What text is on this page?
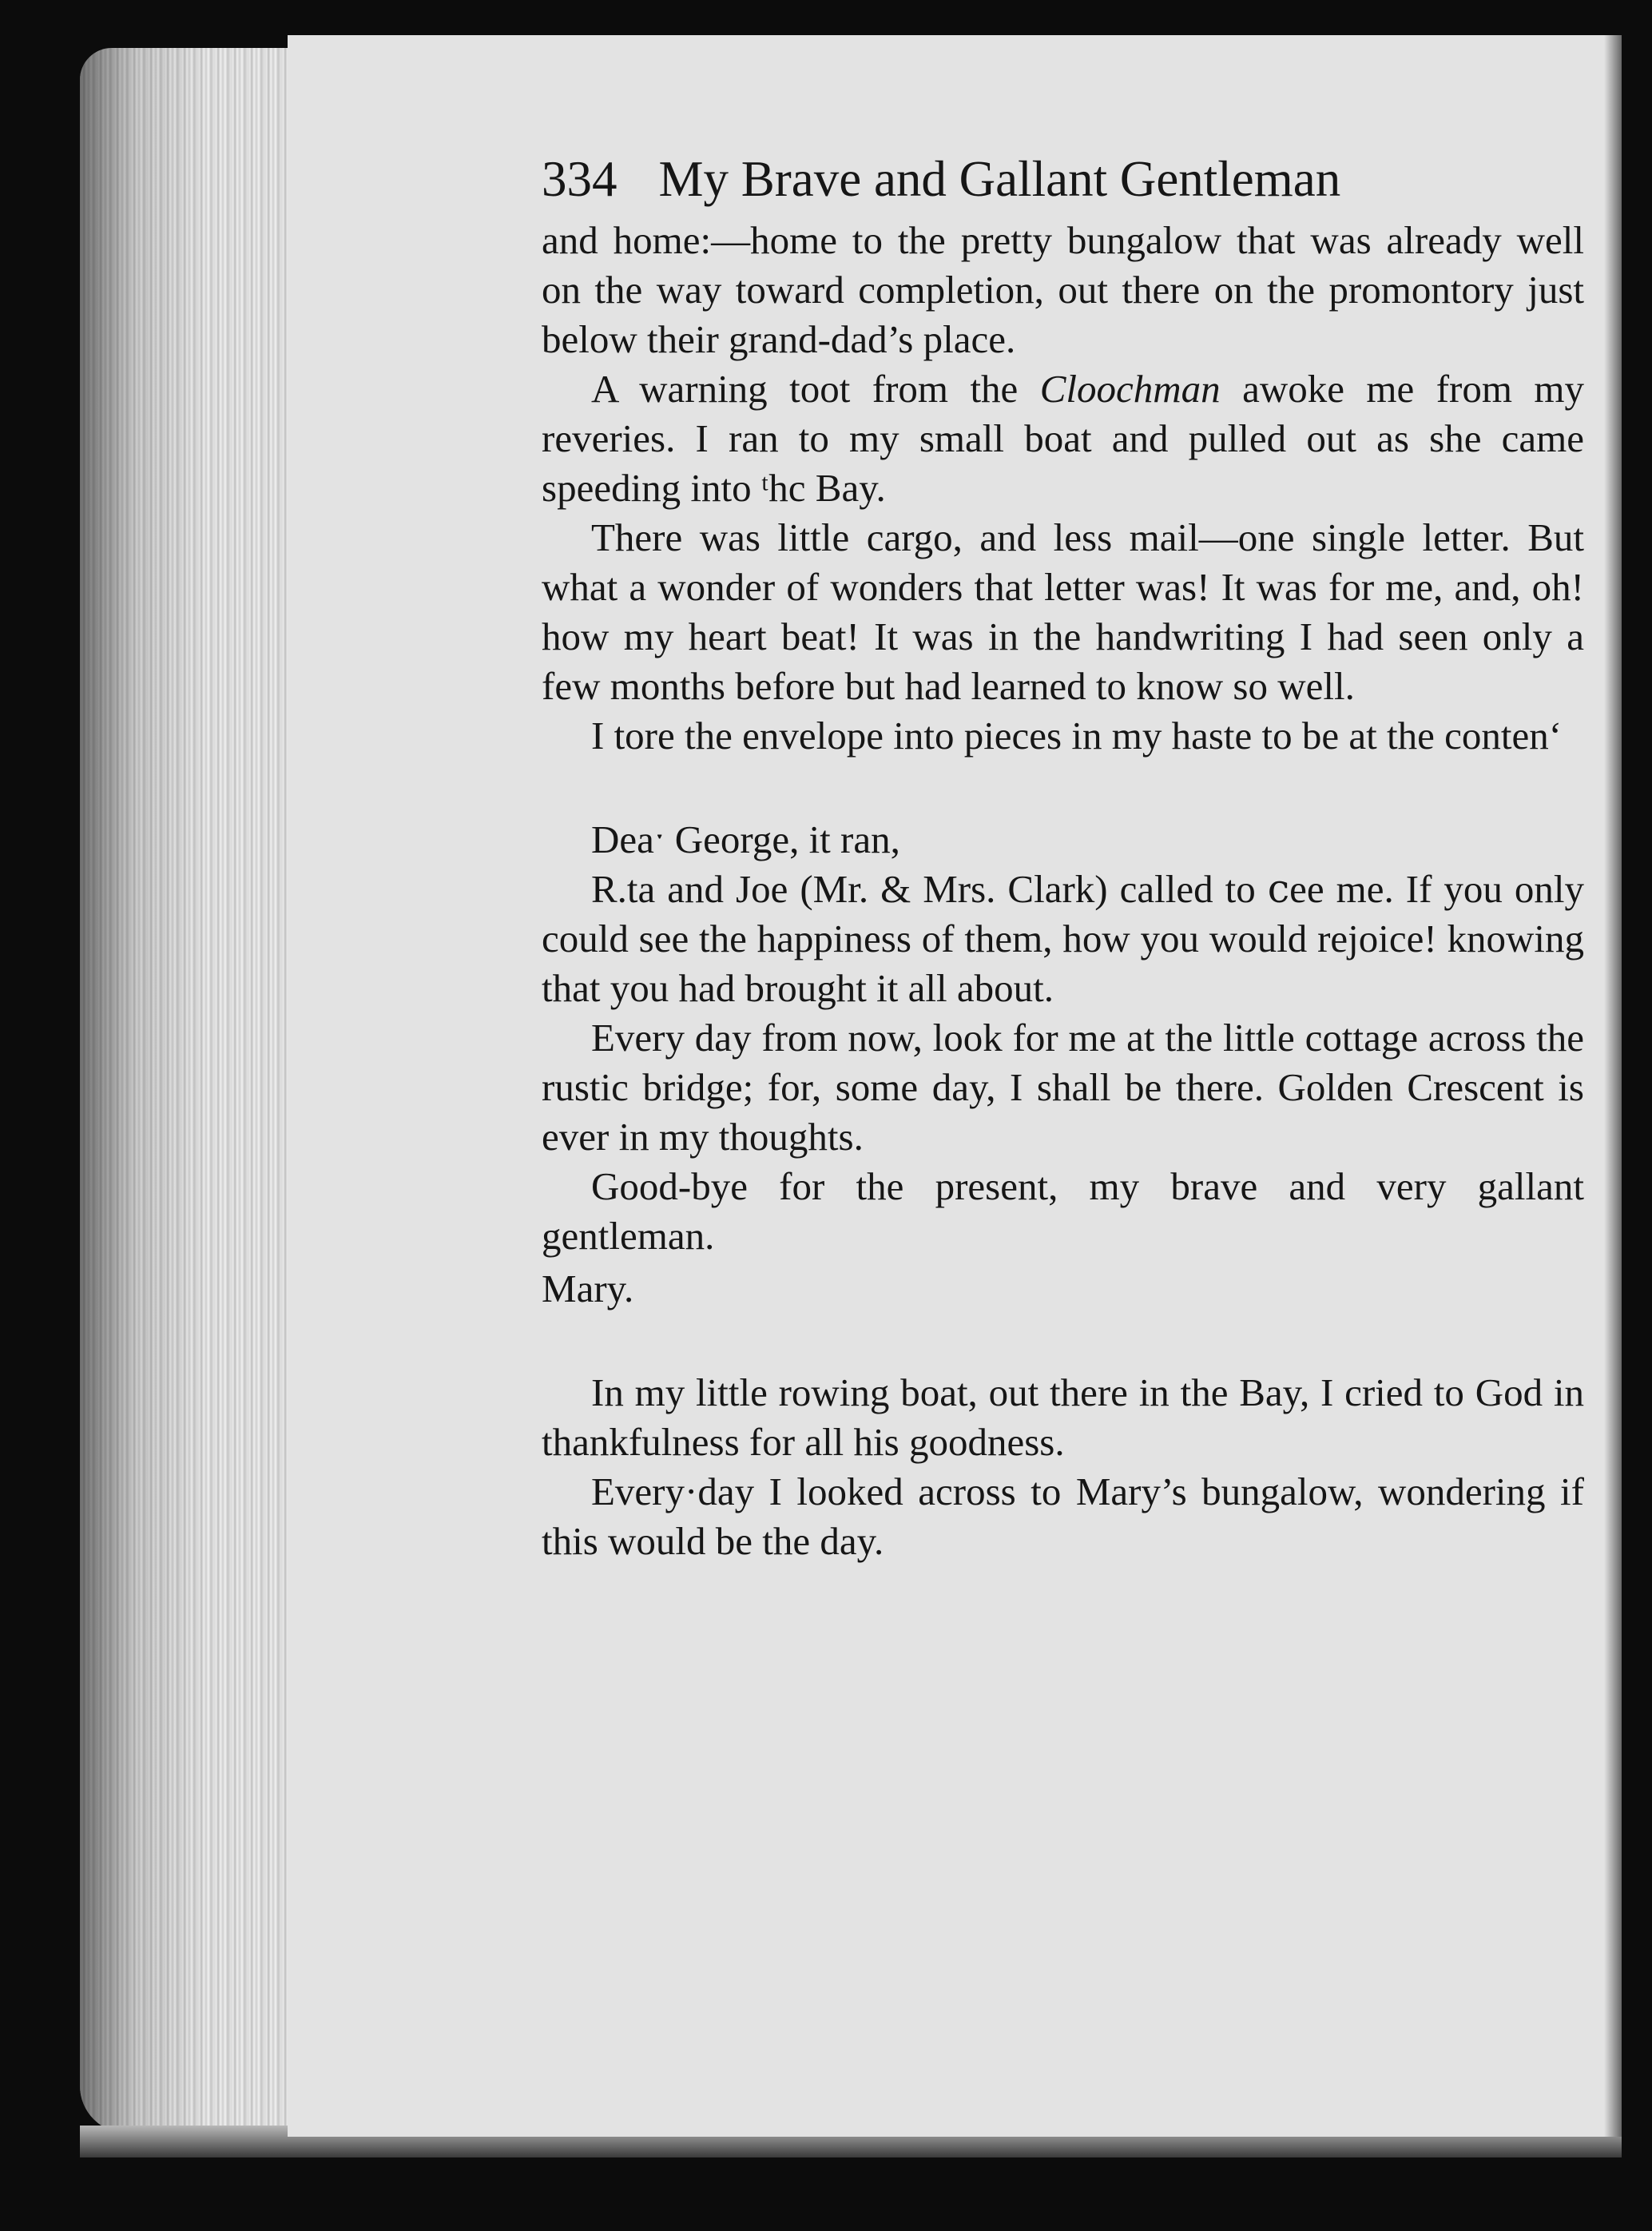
334 My Brave and Gallant Gentleman

and home:—home to the pretty bungalow that was already well on the way toward completion, out there on the promontory just below their grand-dad’s place.

A warning toot from the Cloochman awoke me from my reveries. I ran to my small boat and pulled out as she came speeding into ᵗhc Bay.

There was little cargo, and less mail—one single letter. But what a wonder of wonders that letter was! It was for me, and, oh! how my heart beat! It was in the handwriting I had seen only a few months before but had learned to know so well.

I tore the envelope into pieces in my haste to be at the conten‘

Deaˑ George, it ran,

R.ta and Joe (Mr. & Mrs. Clark) called to ⅽee me. If you only could see the happiness of them, how you would rejoice! knowing that you had brought it all about.

Every day from now, look for me at the little cottage across the rustic bridge; for, some day, I shall be there. Golden Crescent is ever in my thoughts.

Good-bye for the present, my brave and very gallant gentleman.

Mary.

In my little rowing boat, out there in the Bay, I cried to God in thankfulness for all his goodness.

Every·day I looked across to Mary’s bungalow, wondering if this would be the day.
